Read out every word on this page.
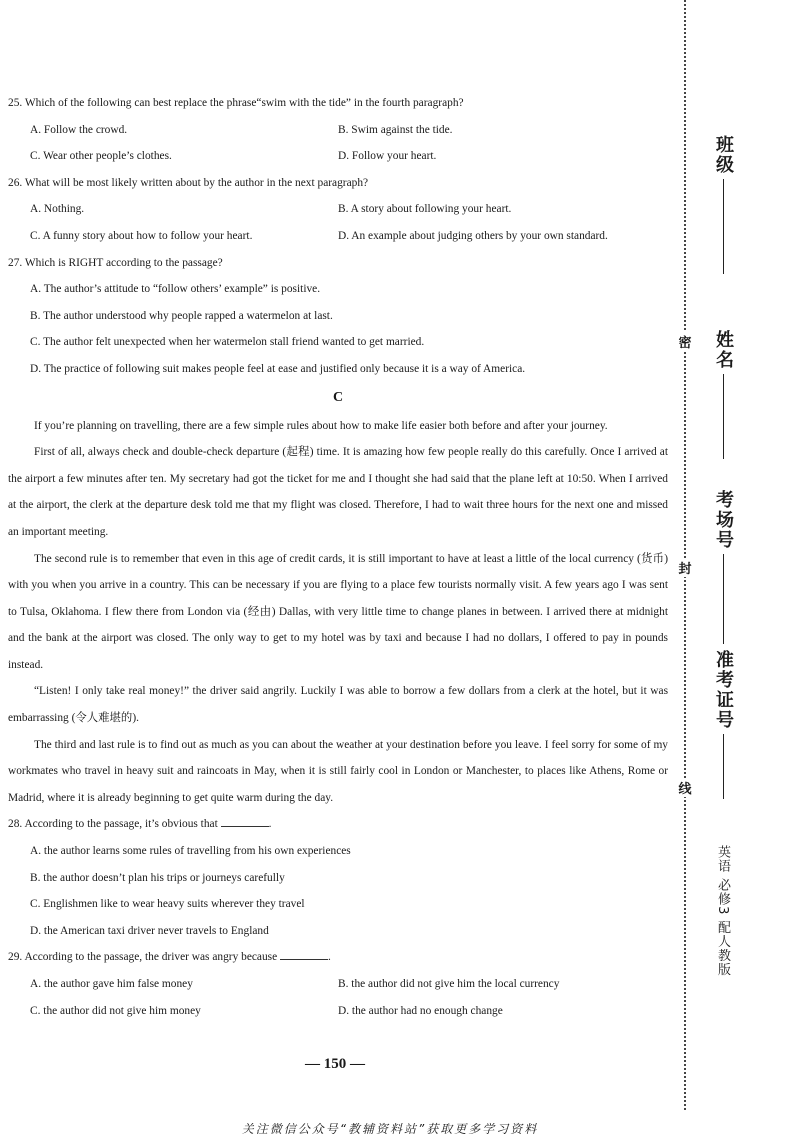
25. Which of the following can best replace the phrase“swim with the tide” in the fourth paragraph?

A. Follow the crowd.	B. Swim against the tide.
C. Wear other people’s clothes.	D. Follow your heart.

26. What will be most likely written about by the author in the next paragraph?

A. Nothing.	B. A story about following your heart.
C. A funny story about how to follow your heart.	D. An example about judging others by your own standard.

27. Which is RIGHT according to the passage?

A. The author’s attitude to “follow others’ example” is positive.
B. The author understood why people rapped a watermelon at last.
C. The author felt unexpected when her watermelon stall friend wanted to get married.
D. The practice of following suit makes people feel at ease and justified only because it is a way of America.
C

If you’re planning on travelling, there are a few simple rules about how to make life easier both before and after your journey.

First of all, always check and double-check departure (起程) time. It is amazing how few people really do this carefully. Once I arrived at the airport a few minutes after ten. My secretary had got the ticket for me and I thought she had said that the plane left at 10:50. When I arrived at the airport, the clerk at the departure desk told me that my flight was closed. Therefore, I had to wait three hours for the next one and missed an important meeting.

The second rule is to remember that even in this age of credit cards, it is still important to have at least a little of the local currency (货币) with you when you arrive in a country. This can be necessary if you are flying to a place few tourists normally visit. A few years ago I was sent to Tulsa, Oklahoma. I flew there from London via (经由) Dallas, with very little time to change planes in between. I arrived there at midnight and the bank at the airport was closed. The only way to get to my hotel was by taxi and because I had no dollars, I offered to pay in pounds instead.

“Listen! I only take real money!” the driver said angrily. Luckily I was able to borrow a few dollars from a clerk at the hotel, but it was embarrassing (令人难堪的).

The third and last rule is to find out as much as you can about the weather at your destination before you leave. I feel sorry for some of my workmates who travel in heavy suit and raincoats in May, when it is still fairly cool in London or Manchester, to places like Athens, Rome or Madrid, where it is already beginning to get quite warm during the day.

28. According to the passage, it’s obvious that	.

A. the author learns some rules of travelling from his own experiences
B. the author doesn’t plan his trips or journeys carefully
C. Englishmen like to wear heavy suits wherever they travel
D. the American taxi driver never travels to England

29. According to the passage, the driver was angry because	.

A. the author gave him false money	B. the author did not give him the local currency
C. the author did not give him money	D. the author had no enough change
— 150 —
关注微信公众号“教辅资料站”获取更多学习资料
班级
姓名
考场号
准考证号
英语 必修3 配人教版
密
封
线
